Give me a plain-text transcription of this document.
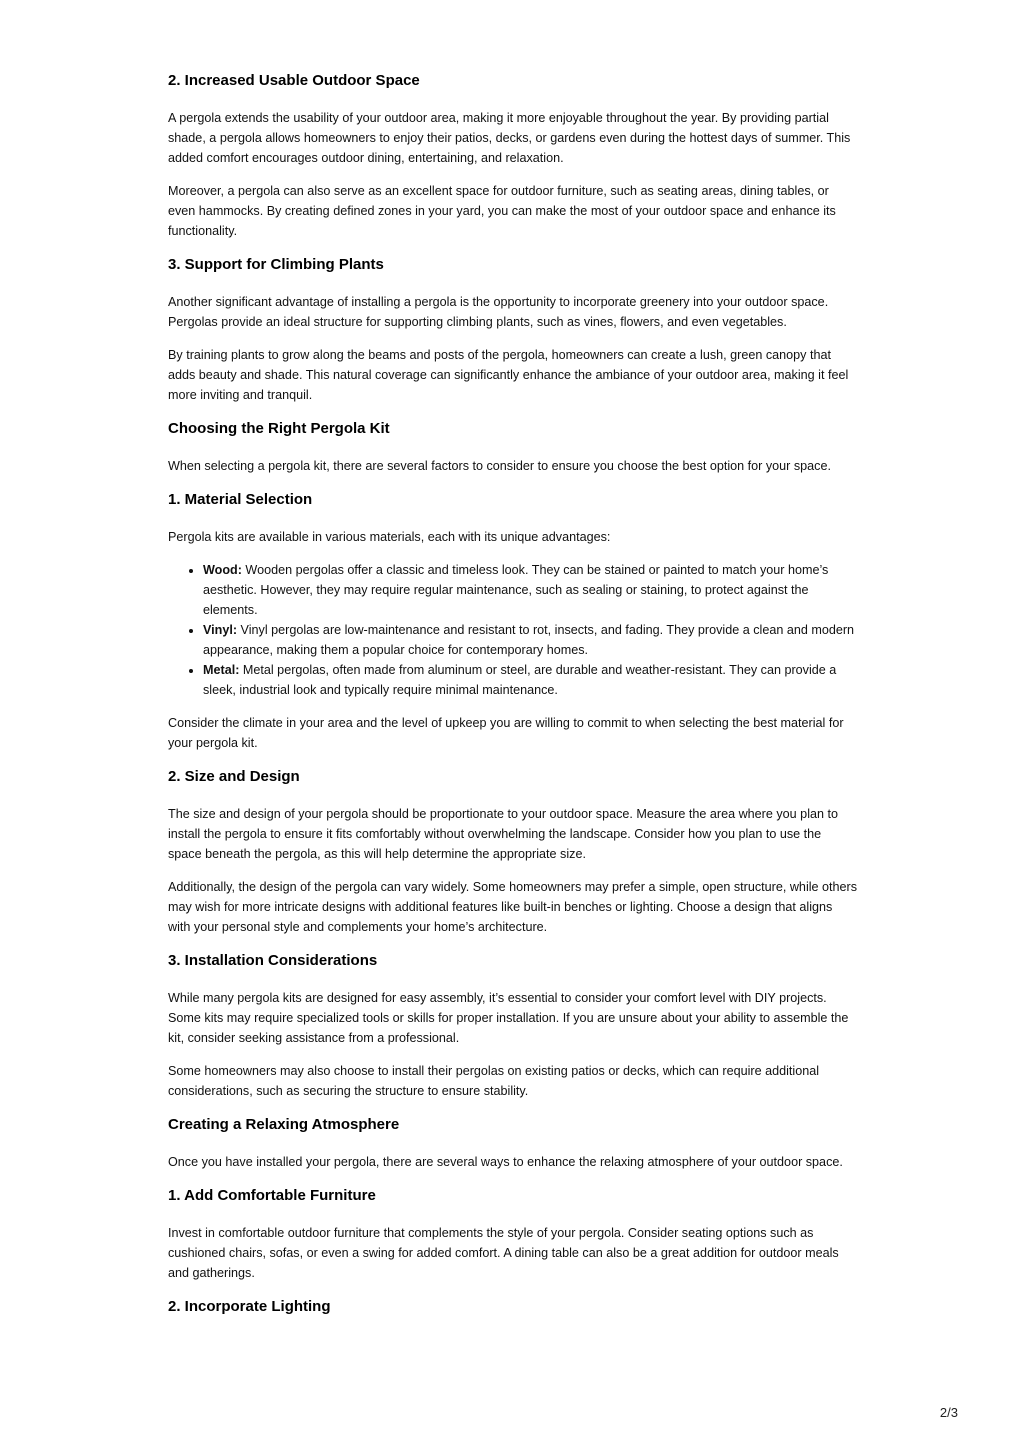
2. Increased Usable Outdoor Space

A pergola extends the usability of your outdoor area, making it more enjoyable throughout the year. By providing partial shade, a pergola allows homeowners to enjoy their patios, decks, or gardens even during the hottest days of summer. This added comfort encourages outdoor dining, entertaining, and relaxation.

Moreover, a pergola can also serve as an excellent space for outdoor furniture, such as seating areas, dining tables, or even hammocks. By creating defined zones in your yard, you can make the most of your outdoor space and enhance its functionality.

3. Support for Climbing Plants

Another significant advantage of installing a pergola is the opportunity to incorporate greenery into your outdoor space. Pergolas provide an ideal structure for supporting climbing plants, such as vines, flowers, and even vegetables.

By training plants to grow along the beams and posts of the pergola, homeowners can create a lush, green canopy that adds beauty and shade. This natural coverage can significantly enhance the ambiance of your outdoor area, making it feel more inviting and tranquil.

Choosing the Right Pergola Kit

When selecting a pergola kit, there are several factors to consider to ensure you choose the best option for your space.

1. Material Selection

Pergola kits are available in various materials, each with its unique advantages:

• Wood: Wooden pergolas offer a classic and timeless look. They can be stained or painted to match your home’s aesthetic. However, they may require regular maintenance, such as sealing or staining, to protect against the elements.
• Vinyl: Vinyl pergolas are low-maintenance and resistant to rot, insects, and fading. They provide a clean and modern appearance, making them a popular choice for contemporary homes.
• Metal: Metal pergolas, often made from aluminum or steel, are durable and weather-resistant. They can provide a sleek, industrial look and typically require minimal maintenance.

Consider the climate in your area and the level of upkeep you are willing to commit to when selecting the best material for your pergola kit.

2. Size and Design

The size and design of your pergola should be proportionate to your outdoor space. Measure the area where you plan to install the pergola to ensure it fits comfortably without overwhelming the landscape. Consider how you plan to use the space beneath the pergola, as this will help determine the appropriate size.

Additionally, the design of the pergola can vary widely. Some homeowners may prefer a simple, open structure, while others may wish for more intricate designs with additional features like built-in benches or lighting. Choose a design that aligns with your personal style and complements your home’s architecture.

3. Installation Considerations

While many pergola kits are designed for easy assembly, it’s essential to consider your comfort level with DIY projects. Some kits may require specialized tools or skills for proper installation. If you are unsure about your ability to assemble the kit, consider seeking assistance from a professional.

Some homeowners may also choose to install their pergolas on existing patios or decks, which can require additional considerations, such as securing the structure to ensure stability.

Creating a Relaxing Atmosphere

Once you have installed your pergola, there are several ways to enhance the relaxing atmosphere of your outdoor space.

1. Add Comfortable Furniture

Invest in comfortable outdoor furniture that complements the style of your pergola. Consider seating options such as cushioned chairs, sofas, or even a swing for added comfort. A dining table can also be a great addition for outdoor meals and gatherings.

2. Incorporate Lighting
2/3
